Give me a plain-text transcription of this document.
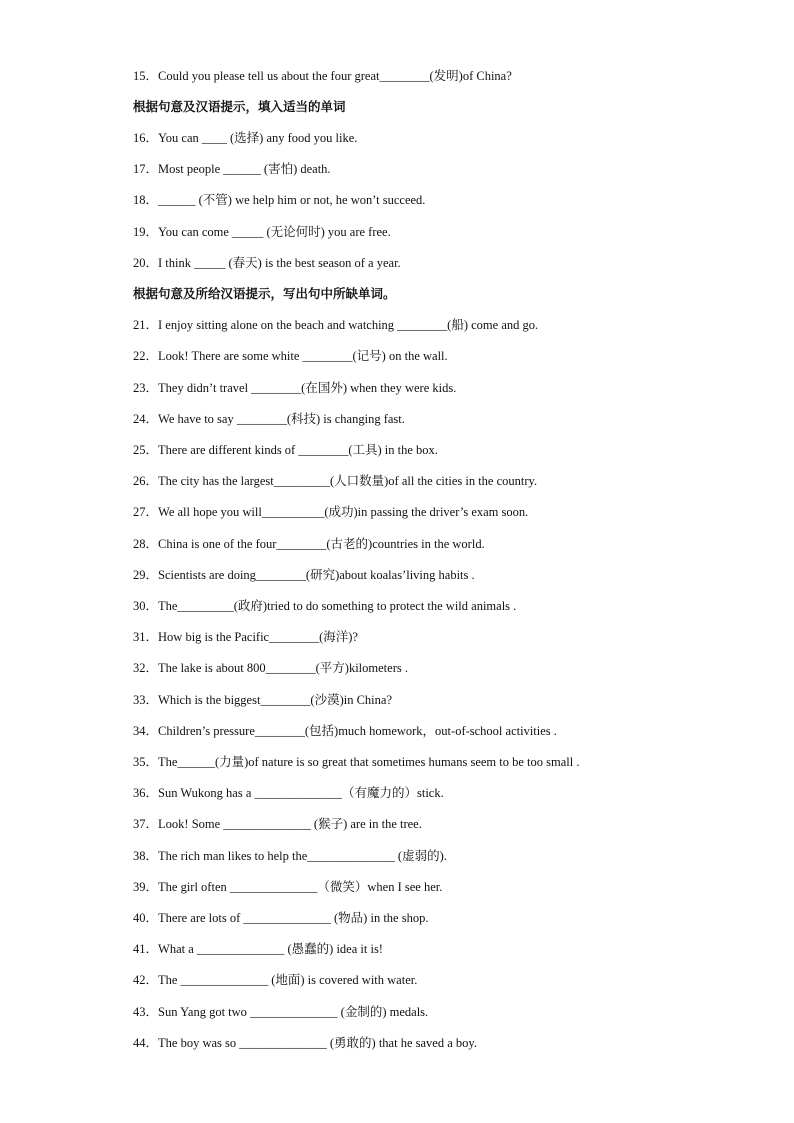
15．Could you please tell us about the four great________(发明)of China?
根据句意及汉语提示，填入适当的单词
16．You can ____ (选择) any food you like.
17．Most people ______ (害怕) death.
18．______ (不管) we help him or not, he won’t succeed.
19．You can come _____ (无论何时) you are free.
20．I think _____ (春天) is the best season of a year.
根据句意及所给汉语提示，写出句中所缺单词。
21．I enjoy sitting alone on the beach and watching ________(船) come and go.
22．Look! There are some white ________(记号) on the wall.
23．They didn’t travel ________(在国外) when they were kids.
24．We have to say ________(科技) is changing fast.
25．There are different kinds of ________(工具) in the box.
26．The city has the largest_________(人口数量)of all the cities in the country.
27．We all hope you will__________(成功)in passing the driver’s exam soon.
28．China is one of the four________(古老的)countries in the world.
29．Scientists are doing________(研究)about koalas’living habits .
30．The_________(政府)tried to do something to protect the wild animals .
31．How big is the Pacific________(海洋)?
32．The lake is about 800________(平方)kilometers .
33．Which is the biggest________(沙漠)in China?
34．Children’s pressure________(包括)much homework，out-of-school activities .
35．The______(力量)of nature is so great that sometimes humans seem to be too small .
36．Sun Wukong has a ______________（有魔力的）stick.
37．Look! Some ______________ (猴子) are in the tree.
38．The rich man likes to help the______________ (虚弱的).
39．The girl often ______________（微笑）when I see her.
40．There are lots of ______________ (物品) in the shop.
41．What a ______________ (愚蠢的) idea it is!
42．The ______________ (地面) is covered with water.
43．Sun Yang got two ______________ (金制的) medals.
44．The boy was so ______________ (勇敢的) that he saved a boy.
